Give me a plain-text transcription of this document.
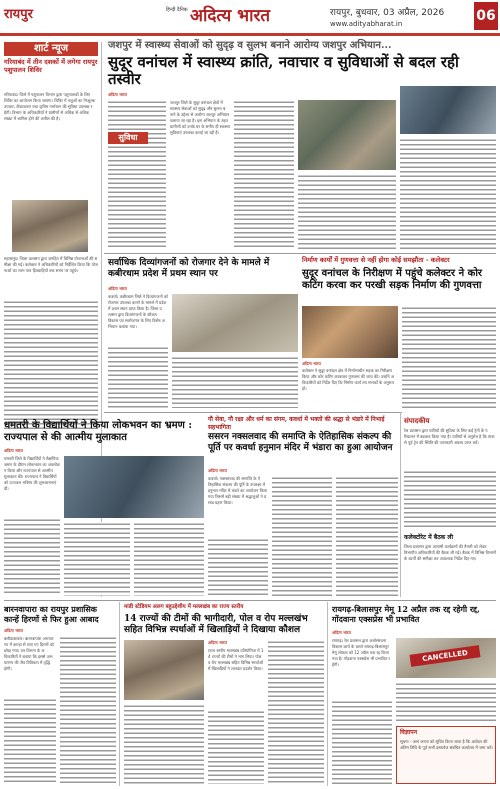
रायपुर	हिन्दी दैनिक अदित्य भारत	रायपुर, बुधवार, 03 अप्रैल, 2026
www.adityabharat.in	06
शार्ट न्यूज
गरियाबंद में तीन दशकों में लगेगा रायपुर पशुपालन शिविर
गरियाबंद। जिले में पशुपालन विभाग द्वारा पशुपालकों के लिए शिविर का आयोजन किया जाएगा। शिविर में पशुओं का निःशुल्क उपचार, टीकाकरण तथा कृत्रिम गर्भाधान की सुविधा उपलब्ध रहेगी। विभाग के अधिकारियों ने ग्रामीणों से अधिक से अधिक संख्या में शामिल होने की अपील की है।
महासमुंद। जिला प्रशासन द्वारा जनहित में विभिन्न योजनाओं की समीक्षा की गई। कलेक्टर ने अधिकारियों को निर्देशित किया कि योजनाओं का लाभ पात्र हितग्राहियों तक समय पर पहुंचे।
जशपुर में स्वास्थ्य सेवाओं को सुदृढ़ व सुलभ बनाने आरोग्य जशपुर अभियान...
सुदूर वनांचल में स्वास्थ्य क्रांति, नवाचार व सुविधाओं से बदल रही तस्वीर
अदित्य भारत
सुविधा
जशपुर जिले के सुदूर वनांचल क्षेत्रों में स्वास्थ्य सेवाओं को सुदृढ़ और सुलभ बनाने के उद्देश्य से आरोग्य जशपुर अभियान चलाया जा रहा है। इस अभियान के तहत ग्रामीणों को उनके घर के समीप ही स्वास्थ्य सुविधाएं उपलब्ध कराई जा रही हैं।
सर्वाधिक दिव्यांगजनों को रोजगार देने के मामले में कबीरधाम प्रदेश में प्रथम स्थान पर
अदित्य भारत
कवर्धा। कबीरधाम जिले ने दिव्यांगजनों को रोजगार उपलब्ध कराने के मामले में प्रदेश में प्रथम स्थान प्राप्त किया है। जिला प्रशासन द्वारा दिव्यांगजनों के कौशल विकास एवं स्वरोजगार के लिए विशेष अभियान चलाया गया।
निर्माण कार्यों में गुणवत्ता से नहीं होगा कोई समझौता - कलेक्टर
सुदूर वनांचल के निरीक्षण में पहुंचे कलेक्टर ने कोर कटिंग करवा कर परखी सड़क निर्माण की गुणवत्ता
अदित्य भारत
कलेक्टर ने सुदूर वनांचल क्षेत्र में निर्माणाधीन सड़क का निरीक्षण किया और कोर कटिंग करवाकर गुणवत्ता की जांच की। उन्होंने अधिकारियों को निर्देश दिए कि निर्माण कार्य तय मानकों के अनुरूप हों।
संपादकीय
रेल प्रशासन द्वारा यात्रियों की सुविधा के लिए कई ट्रेनों के परिचालन में बदलाव किया गया है। यात्रियों से अनुरोध है कि यात्रा से पूर्व ट्रेन की स्थिति की जानकारी अवश्य प्राप्त करें।
कलेक्टोरेट में बैठक ली
जिला प्रशासन द्वारा आगामी कार्यक्रमों की तैयारी को लेकर विभागीय अधिकारियों की बैठक ली गई। बैठक में विभिन्न विभागों के कार्यों की समीक्षा कर आवश्यक निर्देश दिए गए।
धमतरी के विद्यार्थियों ने किया लोकभवन का भ्रमण : राज्यपाल से की आत्मीय मुलाकात
अदित्य भारत
धमतरी जिले के विद्यार्थियों ने शैक्षणिक भ्रमण के दौरान लोकभवन का अवलोकन किया और राज्यपाल से आत्मीय मुलाकात की। राज्यपाल ने विद्यार्थियों को उज्ज्वल भविष्य की शुभकामनाएं दीं।
गौ सेवा, गौ रक्षा और धर्म का संगम, कवर्धा में भक्तों की श्रद्धा से भंडारे में निभाई सहभागिता
ससरन नक्सलवाद की समाप्ति के ऐतिहासिक संकल्प की पूर्ति पर कवर्धा हनुमान मंदिर में भंडारा का हुआ आयोजन
अदित्य भारत
कवर्धा। नक्सलवाद की समाप्ति के ऐतिहासिक संकल्प की पूर्ति के उपलक्ष्य में हनुमान मंदिर में भंडारे का आयोजन किया गया जिसमें बड़ी संख्या में श्रद्धालुओं ने प्रसाद ग्रहण किया।
बारनवापारा का रायपुर प्रशासिक कान्हें हिरणों से फिर हुआ आबाद
अदित्य भारत
बलौदाबाजार। बारनवापारा अभयारण्य में कान्हा से लाए गए हिरणों को छोड़ा गया। वन विभाग के अधिकारियों ने बताया कि इससे अभयारण्य की जैव विविधता में वृद्धि होगी।
मांडी स्टेडियम अलग बहुउद्देशीय में मल्लखंब का राज्य स्तरीय
14 राज्यों की टीमों की भागीदारी, पोल व रोप मल्लखंभ सहित विभिन्न स्पर्धाओं में खिलाड़ियों ने दिखाया कौशल
अदित्य भारत
राज्य स्तरीय मल्लखंब प्रतियोगिता में 14 राज्यों की टीमों ने भाग लिया। पोल व रोप मल्लखंब सहित विभिन्न स्पर्धाओं में खिलाड़ियों ने शानदार प्रदर्शन किया।
रायगढ़-बिलासपुर मेमू 12 अप्रैल तक रद्द रहेगी रद्द, गोंदवाना एक्सप्रेस भी प्रभावित
अदित्य भारत
रायगढ़। रेल प्रशासन द्वारा अधोसंरचना विकास कार्य के चलते रायगढ़-बिलासपुर मेमू लोकल को 12 अप्रैल तक रद्द किया गया है। गोंदवाना एक्सप्रेस भी प्रभावित रहेगी।
CANCELLED
विज्ञापन
सूचना - आम जनता को सूचित किया जाता है कि आवेदन की अंतिम तिथि के पूर्व सभी दस्तावेज संबंधित कार्यालय में जमा करें।
